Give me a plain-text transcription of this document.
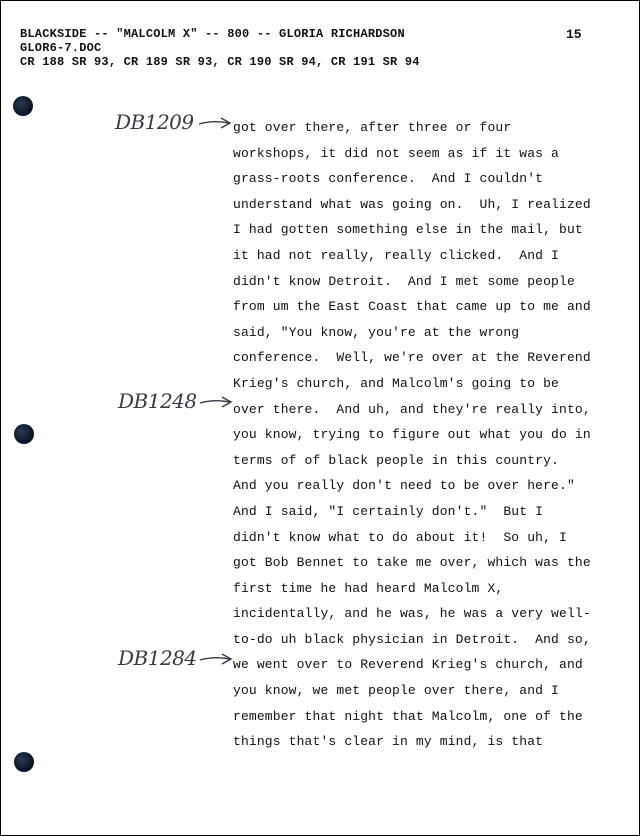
BLACKSIDE -- "MALCOLM X" -- 800 -- GLORIA RICHARDSON
GLOR6-7.DOC
CR 188 SR 93, CR 189 SR 93, CR 190 SR 94, CR 191 SR 94
15
DB1209
DB1248
DB1284
got over there, after three or four
workshops, it did not seem as if it was a
grass-roots conference.  And I couldn't
understand what was going on.  Uh, I realized
I had gotten something else in the mail, but
it had not really, really clicked.  And I
didn't know Detroit.  And I met some people
from um the East Coast that came up to me and
said, "You know, you're at the wrong
conference.  Well, we're over at the Reverend
Krieg's church, and Malcolm's going to be
over there.  And uh, and they're really into,
you know, trying to figure out what you do in
terms of of black people in this country.
And you really don't need to be over here."
And I said, "I certainly don't."  But I
didn't know what to do about it!  So uh, I
got Bob Bennet to take me over, which was the
first time he had heard Malcolm X,
incidentally, and he was, he was a very well-
to-do uh black physician in Detroit.  And so,
we went over to Reverend Krieg's church, and
you know, we met people over there, and I
remember that night that Malcolm, one of the
things that's clear in my mind, is that
